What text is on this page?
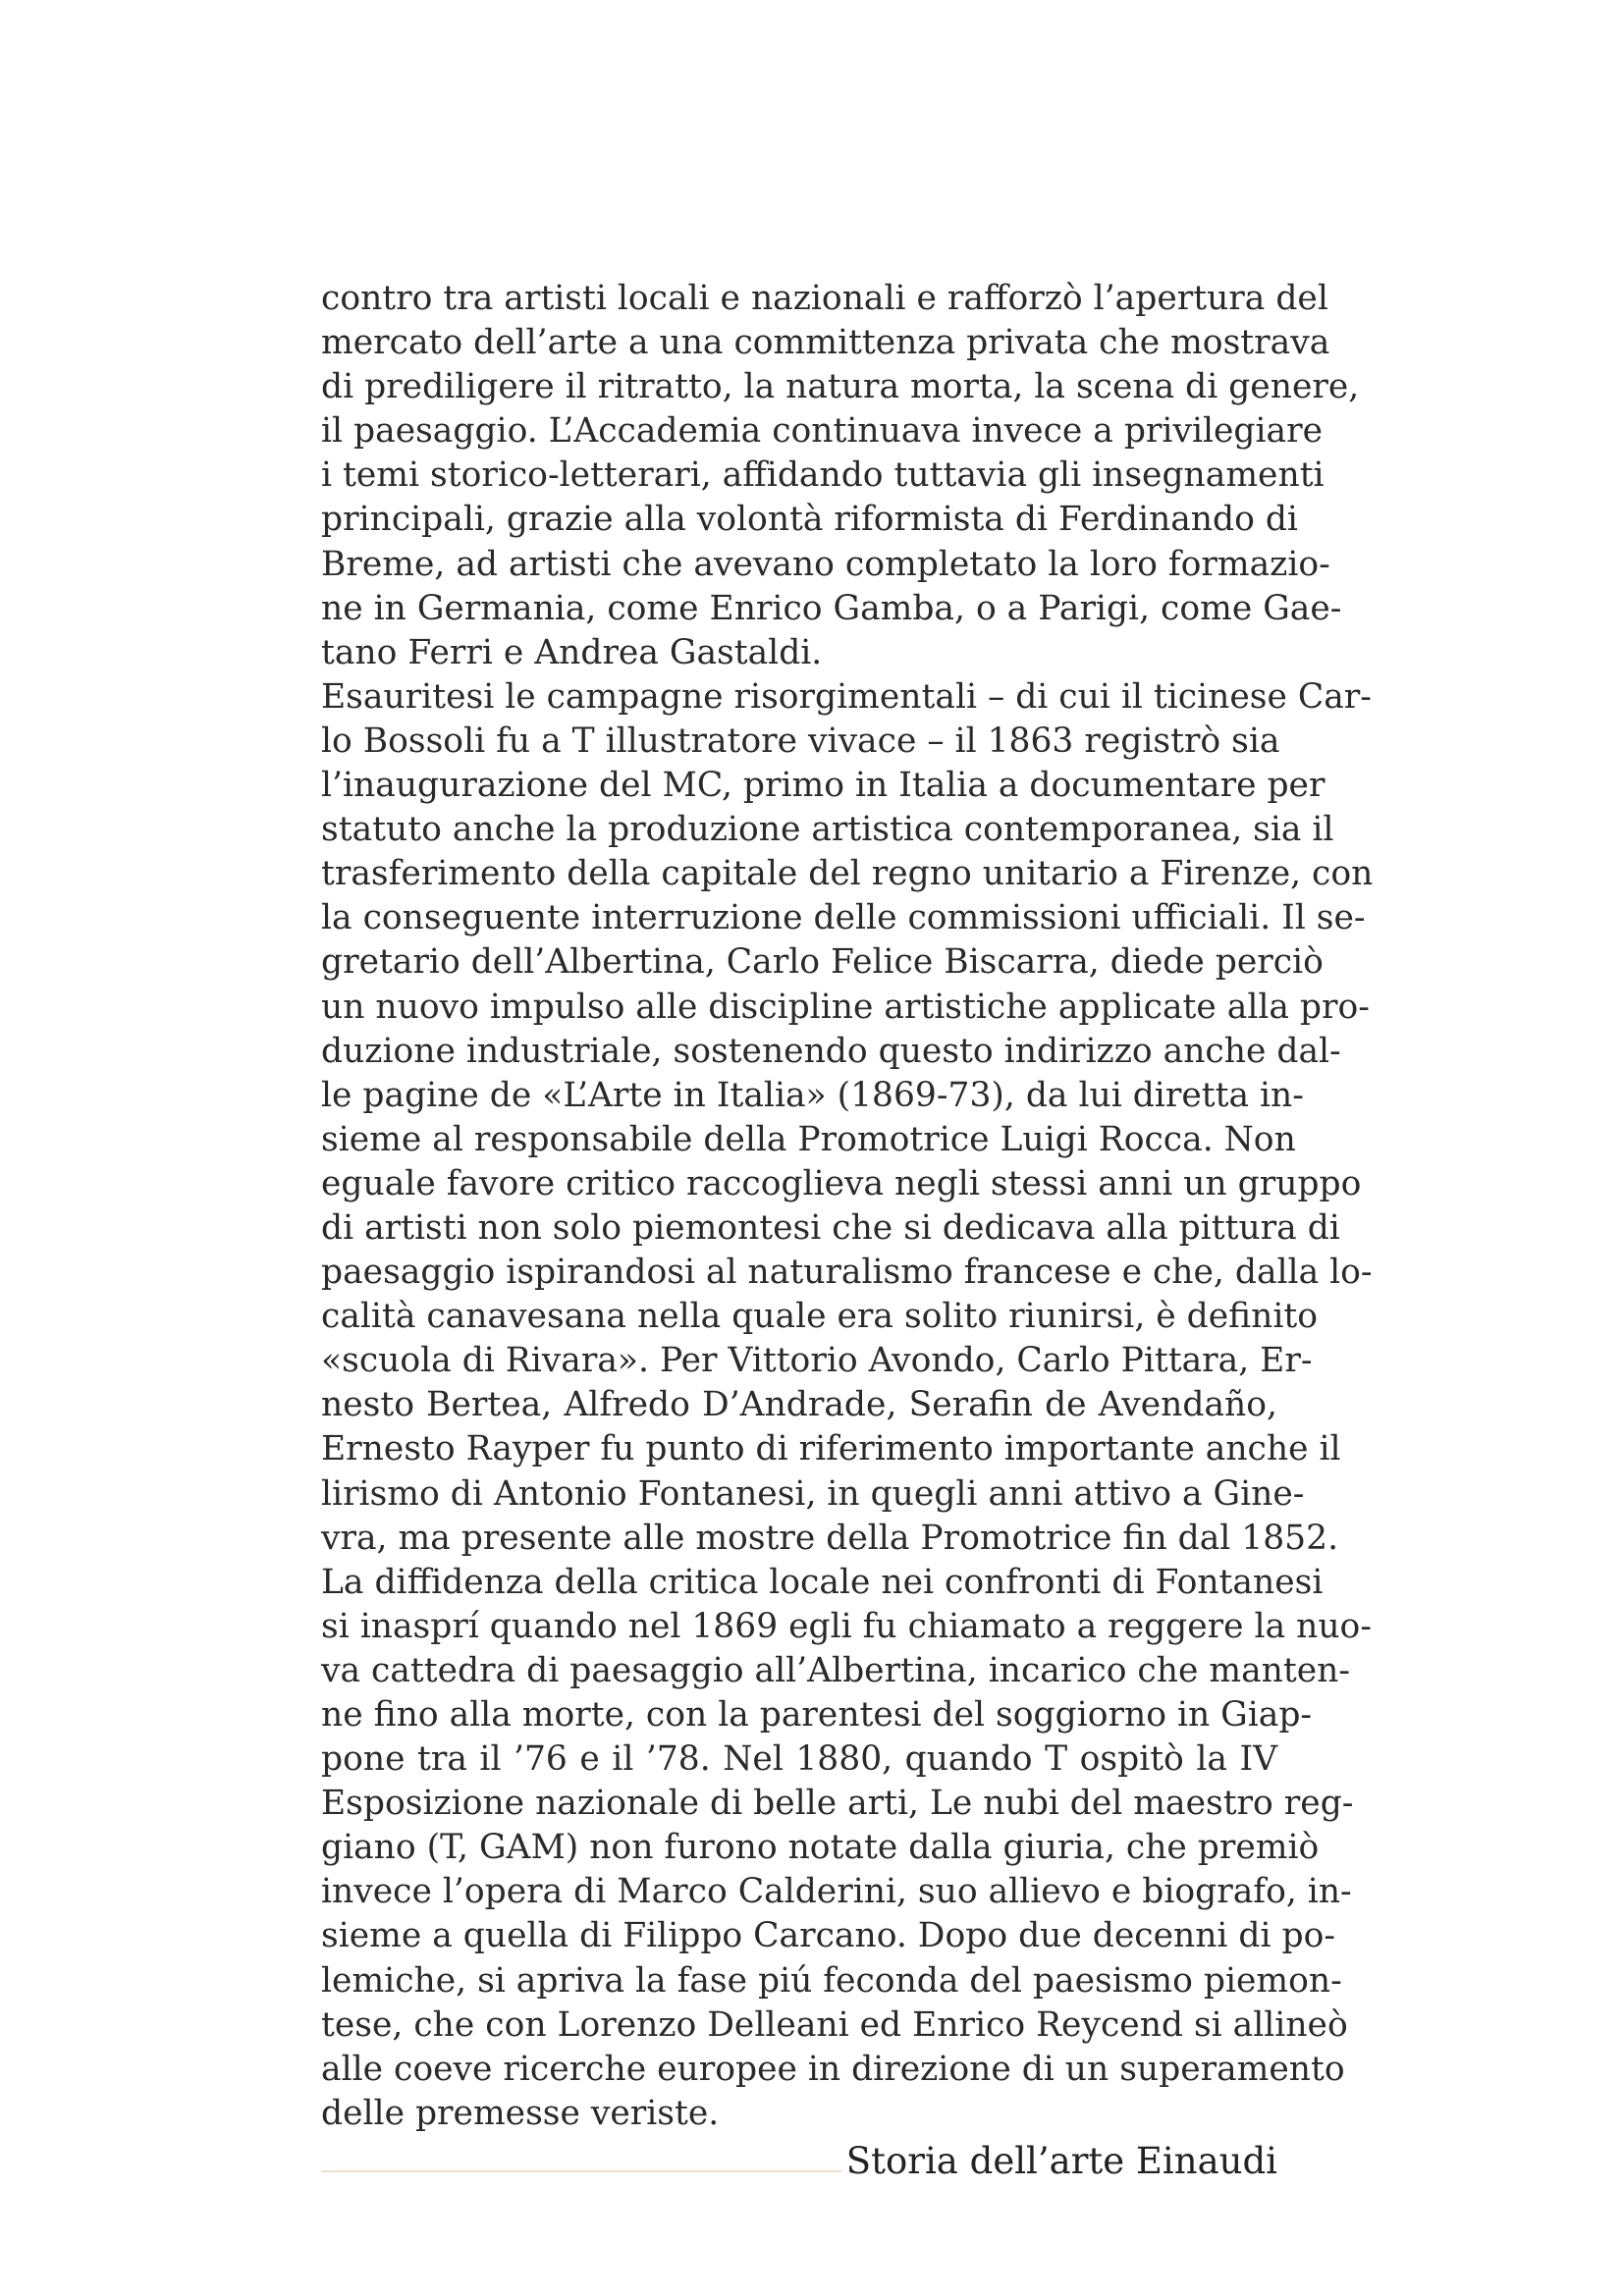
contro tra artisti locali e nazionali e rafforzò l’apertura del
mercato dell’arte a una committenza privata che mostrava
di prediligere il ritratto, la natura morta, la scena di genere,
il paesaggio. L’Accademia continuava invece a privilegiare
i temi storico-letterari, affidando tuttavia gli insegnamenti
principali, grazie alla volontà riformista di Ferdinando di
Breme, ad artisti che avevano completato la loro formazio-
ne in Germania, come Enrico Gamba, o a Parigi, come Gae-
tano Ferri e Andrea Gastaldi.
Esauritesi le campagne risorgimentali – di cui il ticinese Car-
lo Bossoli fu a T illustratore vivace – il 1863 registrò sia
l’inaugurazione del MC, primo in Italia a documentare per
statuto anche la produzione artistica contemporanea, sia il
trasferimento della capitale del regno unitario a Firenze, con
la conseguente interruzione delle commissioni ufficiali. Il se-
gretario dell’Albertina, Carlo Felice Biscarra, diede perciò
un nuovo impulso alle discipline artistiche applicate alla pro-
duzione industriale, sostenendo questo indirizzo anche dal-
le pagine de «L’Arte in Italia» (1869-73), da lui diretta in-
sieme al responsabile della Promotrice Luigi Rocca. Non
eguale favore critico raccoglieva negli stessi anni un gruppo
di artisti non solo piemontesi che si dedicava alla pittura di
paesaggio ispirandosi al naturalismo francese e che, dalla lo-
calità canavesana nella quale era solito riunirsi, è definito
«scuola di Rivara». Per Vittorio Avondo, Carlo Pittara, Er-
nesto Bertea, Alfredo D’Andrade, Serafin de Avendaño,
Ernesto Rayper fu punto di riferimento importante anche il
lirismo di Antonio Fontanesi, in quegli anni attivo a Gine-
vra, ma presente alle mostre della Promotrice fin dal 1852.
La diffidenza della critica locale nei confronti di Fontanesi
si inasprí quando nel 1869 egli fu chiamato a reggere la nuo-
va cattedra di paesaggio all’Albertina, incarico che manten-
ne fino alla morte, con la parentesi del soggiorno in Giap-
pone tra il ’76 e il ’78. Nel 1880, quando T ospitò la IV
Esposizione nazionale di belle arti, Le nubi del maestro reg-
giano (T, GAM) non furono notate dalla giuria, che premiò
invece l’opera di Marco Calderini, suo allievo e biografo, in-
sieme a quella di Filippo Carcano. Dopo due decenni di po-
lemiche, si apriva la fase piú feconda del paesismo piemon-
tese, che con Lorenzo Delleani ed Enrico Reycend si allineò
alle coeve ricerche europee in direzione di un superamento
delle premesse veriste.
Storia dell’arte Einaudi
